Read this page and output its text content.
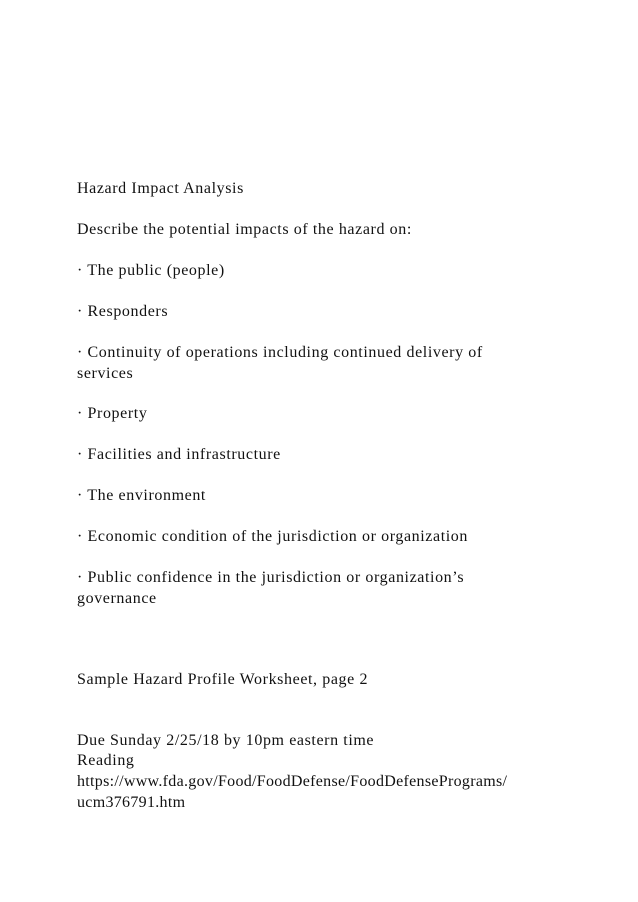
Hazard Impact Analysis
Describe the potential impacts of the hazard on:
· The public (people)
· Responders
· Continuity of operations including continued delivery of
services
· Property
· Facilities and infrastructure
· The environment
· Economic condition of the jurisdiction or organization
· Public confidence in the jurisdiction or organization’s
governance
Sample Hazard Profile Worksheet, page 2
Due Sunday 2/25/18 by 10pm eastern time
Reading
https://www.fda.gov/Food/FoodDefense/FoodDefensePrograms/
ucm376791.htm
